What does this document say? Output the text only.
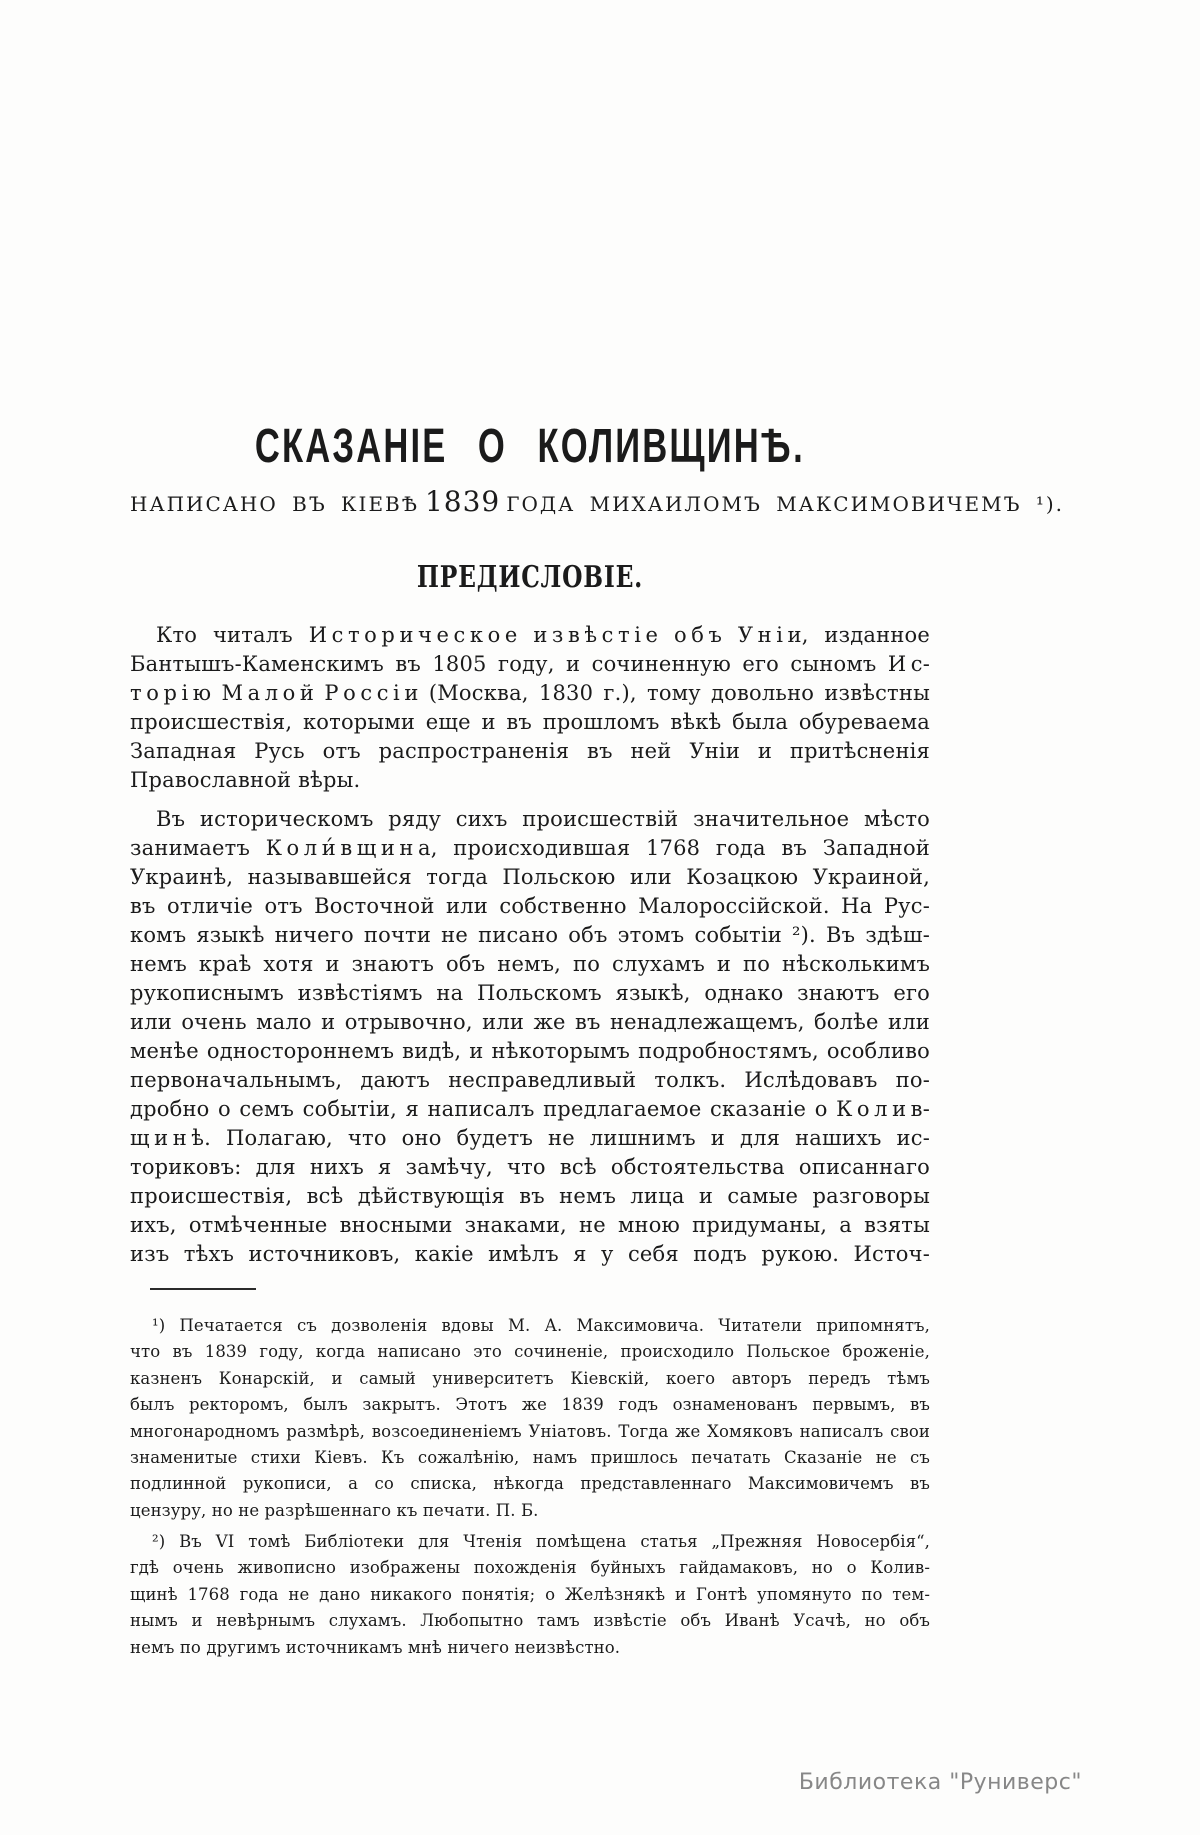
СКАЗАНІЕ О КОЛИВЩИНѢ.
НАПИСАНО ВЪ КІЕВѢ 1839 ГОДА МИХАИЛОМЪ МАКСИМОВИЧЕМЪ ¹).
ПРЕДИСЛОВІЕ.
Кто читалъ И с т о р и ч е с к о е и з в ѣ с т і е о б ъ У н і и, изданное
Бантышъ-Каменскимъ въ 1805 году, и сочиненную его сыномъ И с-
т о р і ю М а л о й Р о с с і и (Москва, 1830 г.), тому довольно извѣстны
происшествія, которыми еще и въ прошломъ вѣкѣ была обуреваема
Западная Русь отъ распространенія въ ней Уніи и притѣсненія
Православной вѣры.
Въ историческомъ ряду сихъ происшествій значительное мѣсто
занимаетъ К о л и́ в щ и н а, происходившая 1768 года въ Западной
Украинѣ, называвшейся тогда Польскою или Козацкою Украиной,
въ отличіе отъ Восточной или собственно Малороссійской. На Рус-
комъ языкѣ ничего почти не писано объ этомъ событіи ²). Въ здѣш-
немъ краѣ хотя и знаютъ объ немъ, по слухамъ и по нѣсколькимъ
рукописнымъ извѣстіямъ на Польскомъ языкѣ, однако знаютъ его
или очень мало и отрывочно, или же въ ненадлежащемъ, болѣе или
менѣе одностороннемъ видѣ, и нѣкоторымъ подробностямъ, особливо
первоначальнымъ, даютъ несправедливый толкъ. Ислѣдовавъ по-
дробно о семъ событіи, я написалъ предлагаемое сказаніе о К о л и в-
щ и н ѣ. Полагаю, что оно будетъ не лишнимъ и для нашихъ ис-
ториковъ: для нихъ я замѣчу, что всѣ обстоятельства описаннаго
происшествія, всѣ дѣйствующія въ немъ лица и самые разговоры
ихъ, отмѣченные вносными знаками, не мною придуманы, а взяты
изъ тѣхъ источниковъ, какіе имѣлъ я у себя подъ рукою. Источ-
¹) Печатается съ дозволенія вдовы М. А. Максимовича. Читатели припомнятъ,
что въ 1839 году, когда написано это сочиненіе, происходило Польское броженіе,
казненъ Конарскій, и самый университетъ Кіевскій, коего авторъ передъ тѣмъ
былъ ректоромъ, былъ закрытъ. Этотъ же 1839 годъ ознаменованъ первымъ, въ
многонародномъ размѣрѣ, возсоединеніемъ Уніатовъ. Тогда же Хомяковъ написалъ свои
знаменитые стихи Кіевъ. Къ сожалѣнію, намъ пришлось печатать Сказаніе не съ
подлинной рукописи, а со списка, нѣкогда представленнаго Максимовичемъ въ
цензуру, но не разрѣшеннаго къ печати. П. Б.
²) Въ VI томѣ Библіотеки для Чтенія помѣщена статья „Прежняя Новосербія“,
гдѣ очень живописно изображены похожденія буйныхъ гайдамаковъ, но о Колив-
щинѣ 1768 года не дано никакого понятія; о Желѣзнякѣ и Гонтѣ упомянуто по тем-
нымъ и невѣрнымъ слухамъ. Любопытно тамъ извѣстіе объ Иванѣ Усачѣ, но объ
немъ по другимъ источникамъ мнѣ ничего неизвѣстно.
Библиотека "Руниверс"
